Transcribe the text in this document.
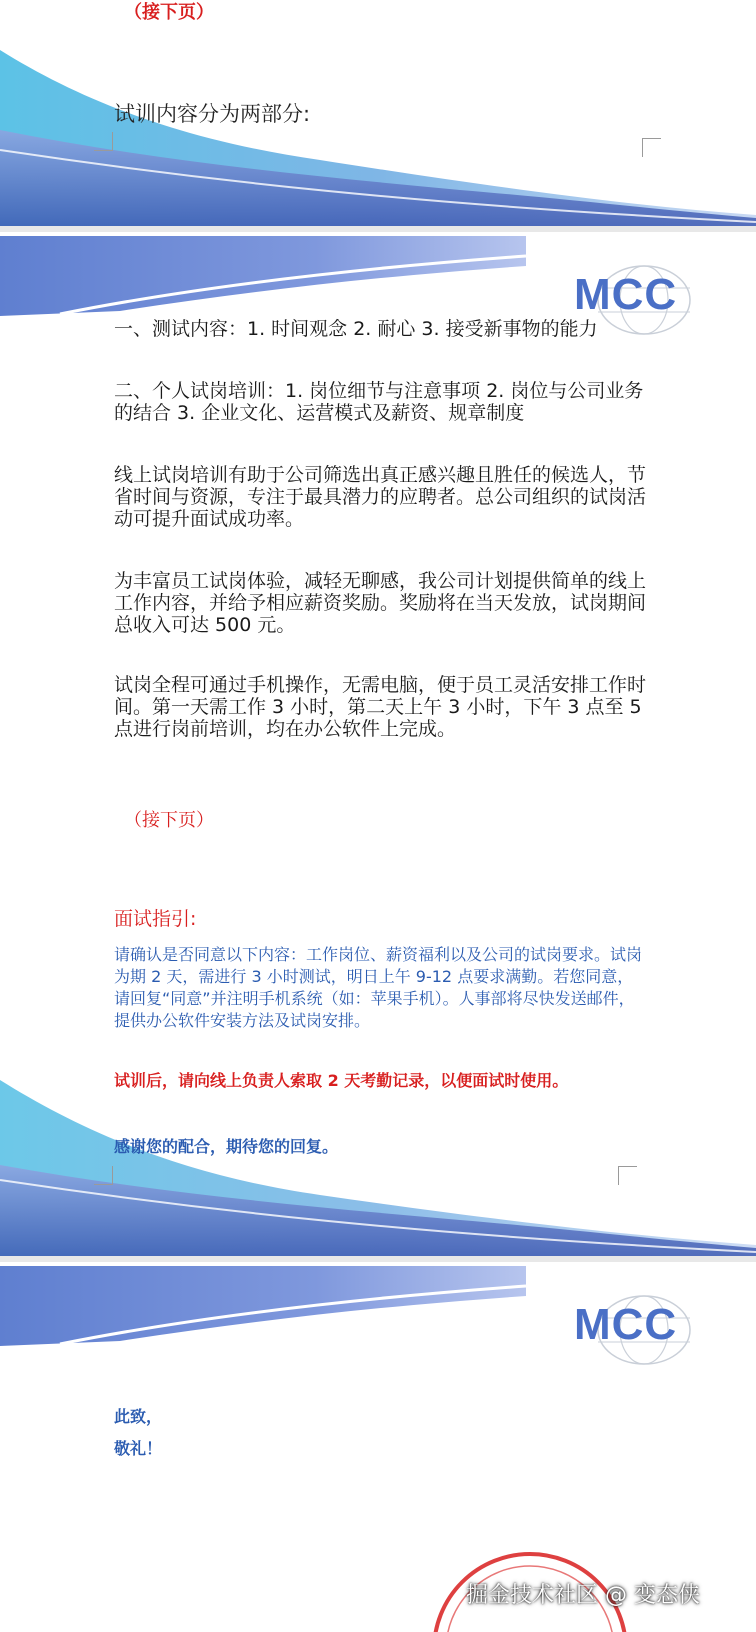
（接下页）
试训内容分为两部分:
MCC
一、测试内容：1. 时间观念 2. 耐心 3. 接受新事物的能力
二、个人试岗培训：1. 岗位细节与注意事项 2. 岗位与公司业务的结合 3. 企业文化、运营模式及薪资、规章制度

线上试岗培训有助于公司筛选出真正感兴趣且胜任的候选人，节省时间与资源，专注于最具潜力的应聘者。总公司组织的试岗活动可提升面试成功率。
为丰富员工试岗体验，减轻无聊感，我公司计划提供简单的线上工作内容，并给予相应薪资奖励。奖励将在当天发放，试岗期间总收入可达 500 元。
试岗全程可通过手机操作，无需电脑，便于员工灵活安排工作时间。第一天需工作 3 小时，第二天上午 3 小时，下午 3 点至 5 点进行岗前培训，均在办公软件上完成。
（接下页）
面试指引:
请确认是否同意以下内容：工作岗位、薪资福利以及公司的试岗要求。试岗为期 2 天，需进行 3 小时测试，明日上午 9-12 点要求满勤。若您同意，请回复“同意”并注明手机系统（如：苹果手机）。人事部将尽快发送邮件，提供办公软件安装方法及试岗安排。
试训后，请向线上负责人索取 2 天考勤记录，以便面试时使用。
感谢您的配合，期待您的回复。
MCC
此致，
敬礼！
掘金技术社区 @ 变态侠
